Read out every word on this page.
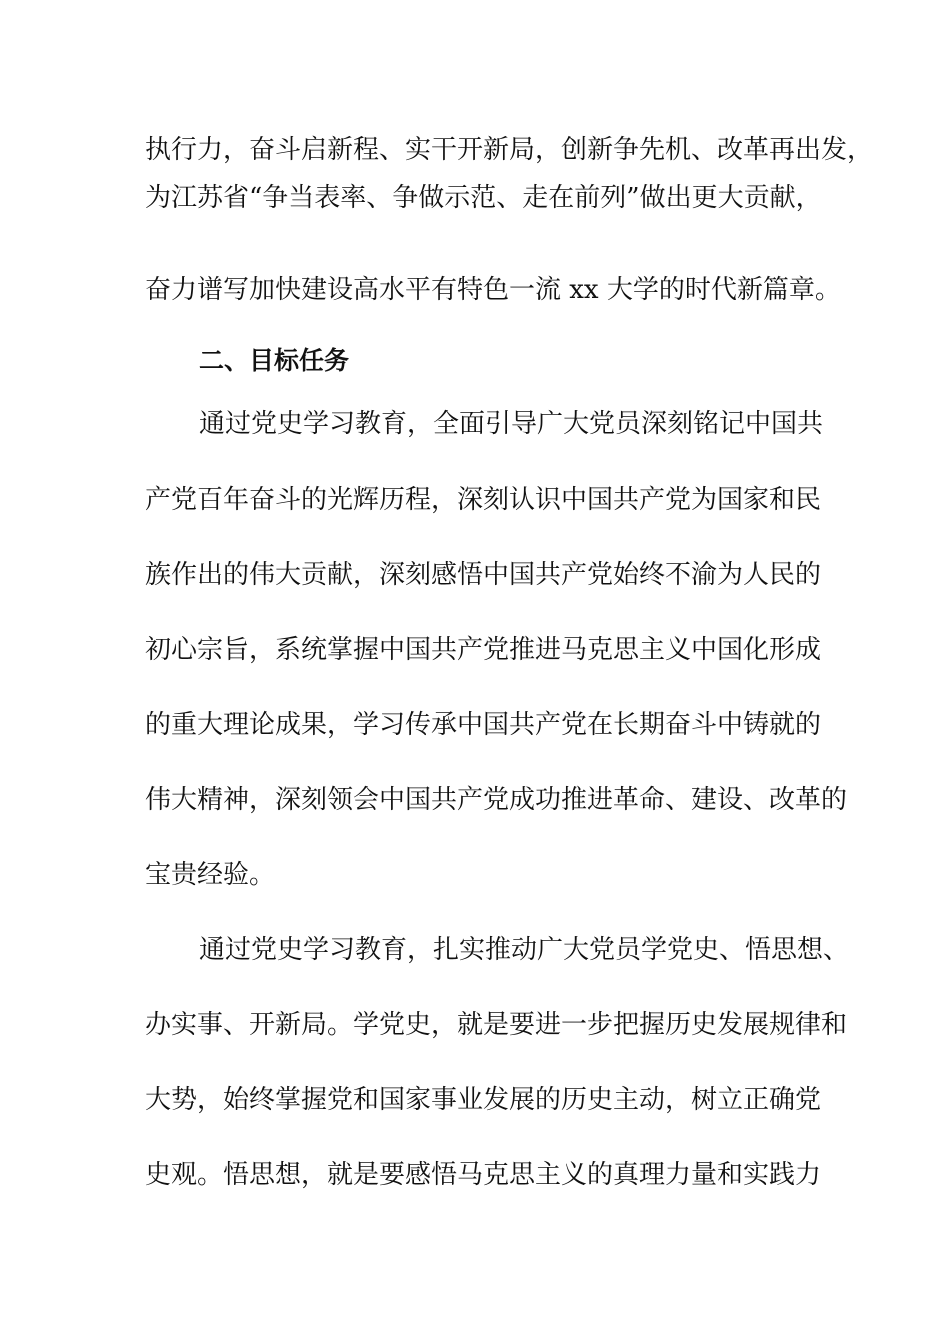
执行力，奋斗启新程、实干开新局，创新争先机、改革再出发，
为江苏省“争当表率、争做示范、走在前列”做出更大贡献，
奋力谱写加快建设高水平有特色一流 xx 大学的时代新篇章。
二、目标任务
通过党史学习教育，全面引导广大党员深刻铭记中国共
产党百年奋斗的光辉历程，深刻认识中国共产党为国家和民
族作出的伟大贡献，深刻感悟中国共产党始终不渝为人民的
初心宗旨，系统掌握中国共产党推进马克思主义中国化形成
的重大理论成果，学习传承中国共产党在长期奋斗中铸就的
伟大精神，深刻领会中国共产党成功推进革命、建设、改革的
宝贵经验。
通过党史学习教育，扎实推动广大党员学党史、悟思想、
办实事、开新局。学党史，就是要进一步把握历史发展规律和
大势，始终掌握党和国家事业发展的历史主动，树立正确党
史观。悟思想，就是要感悟马克思主义的真理力量和实践力
